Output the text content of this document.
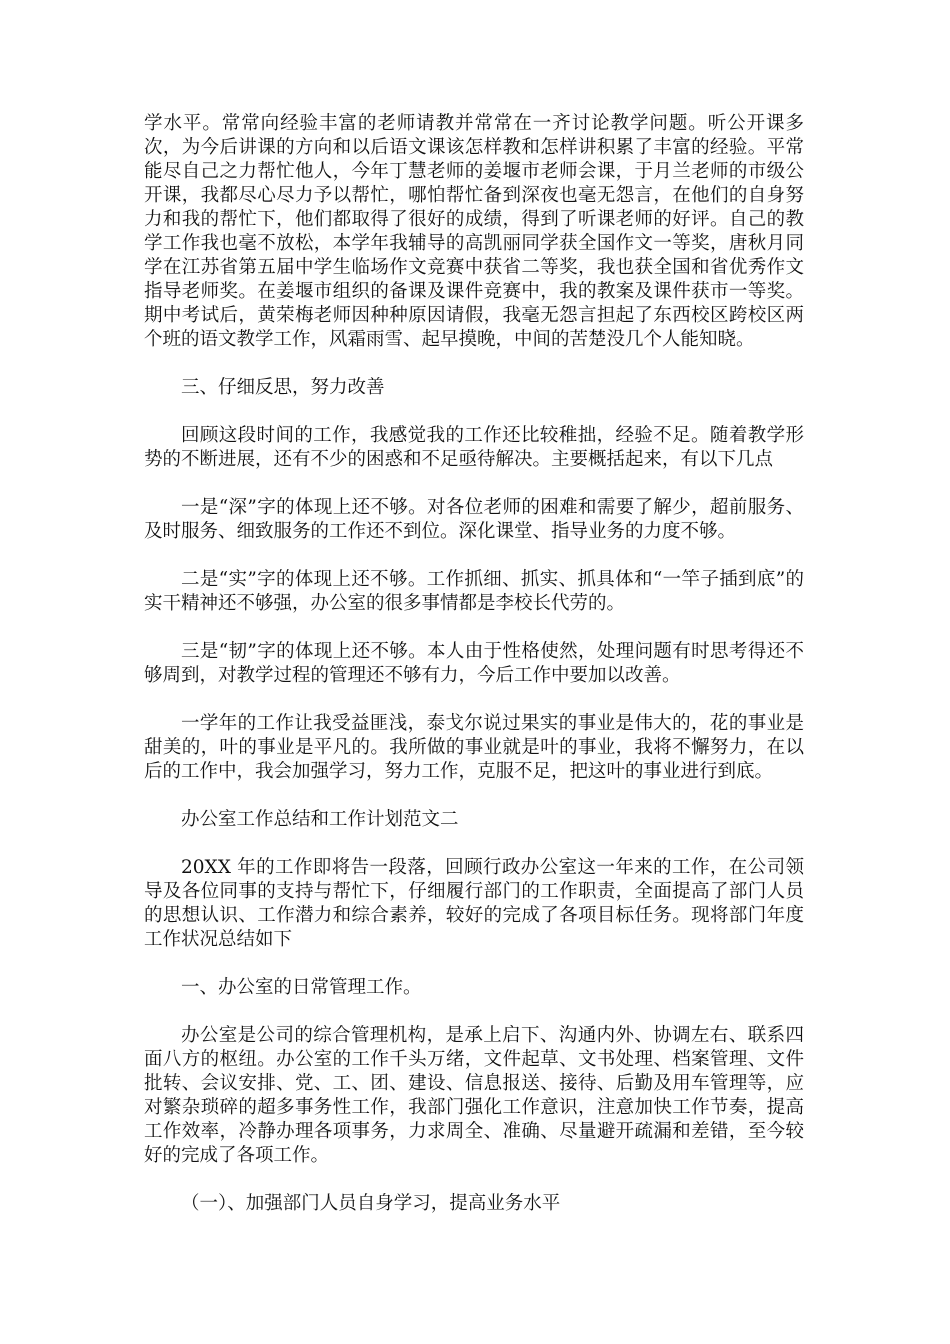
学水平。常常向经验丰富的老师请教并常常在一齐讨论教学问题。听公开课多次，为今后讲课的方向和以后语文课该怎样教和怎样讲积累了丰富的经验。平常能尽自己之力帮忙他人，今年丁慧老师的姜堰市老师会课，于月兰老师的市级公开课，我都尽心尽力予以帮忙，哪怕帮忙备到深夜也毫无怨言，在他们的自身努力和我的帮忙下，他们都取得了很好的成绩，得到了听课老师的好评。自己的教学工作我也毫不放松，本学年我辅导的高凯丽同学获全国作文一等奖，唐秋月同学在江苏省第五届中学生临场作文竞赛中获省二等奖，我也获全国和省优秀作文指导老师奖。在姜堰市组织的备课及课件竞赛中，我的教案及课件获市一等奖。期中考试后，黄荣梅老师因种种原因请假，我毫无怨言担起了东西校区跨校区两个班的语文教学工作，风霜雨雪、起早摸晚，中间的苦楚没几个人能知晓。

三、仔细反思，努力改善

回顾这段时间的工作，我感觉我的工作还比较稚拙，经验不足。随着教学形势的不断进展，还有不少的困惑和不足亟待解决。主要概括起来，有以下几点

一是“深”字的体现上还不够。对各位老师的困难和需要了解少，超前服务、及时服务、细致服务的工作还不到位。深化课堂、指导业务的力度不够。

二是“实”字的体现上还不够。工作抓细、抓实、抓具体和“一竿子插到底”的实干精神还不够强，办公室的很多事情都是李校长代劳的。

三是“韧”字的体现上还不够。本人由于性格使然，处理问题有时思考得还不够周到，对教学过程的管理还不够有力，今后工作中要加以改善。

一学年的工作让我受益匪浅，泰戈尔说过果实的事业是伟大的，花的事业是甜美的，叶的事业是平凡的。我所做的事业就是叶的事业，我将不懈努力，在以后的工作中，我会加强学习，努力工作，克服不足，把这叶的事业进行到底。

办公室工作总结和工作计划范文二

20XX 年的工作即将告一段落，回顾行政办公室这一年来的工作，在公司领导及各位同事的支持与帮忙下，仔细履行部门的工作职责，全面提高了部门人员的思想认识、工作潜力和综合素养，较好的完成了各项目标任务。现将部门年度工作状况总结如下

一、办公室的日常管理工作。

办公室是公司的综合管理机构，是承上启下、沟通内外、协调左右、联系四面八方的枢纽。办公室的工作千头万绪，文件起草、文书处理、档案管理、文件批转、会议安排、党、工、团、建设、信息报送、接待、后勤及用车管理等，应对繁杂琐碎的超多事务性工作，我部门强化工作意识，注意加快工作节奏，提高工作效率，冷静办理各项事务，力求周全、准确、尽量避开疏漏和差错，至今较好的完成了各项工作。

（一）、加强部门人员自身学习，提高业务水平
